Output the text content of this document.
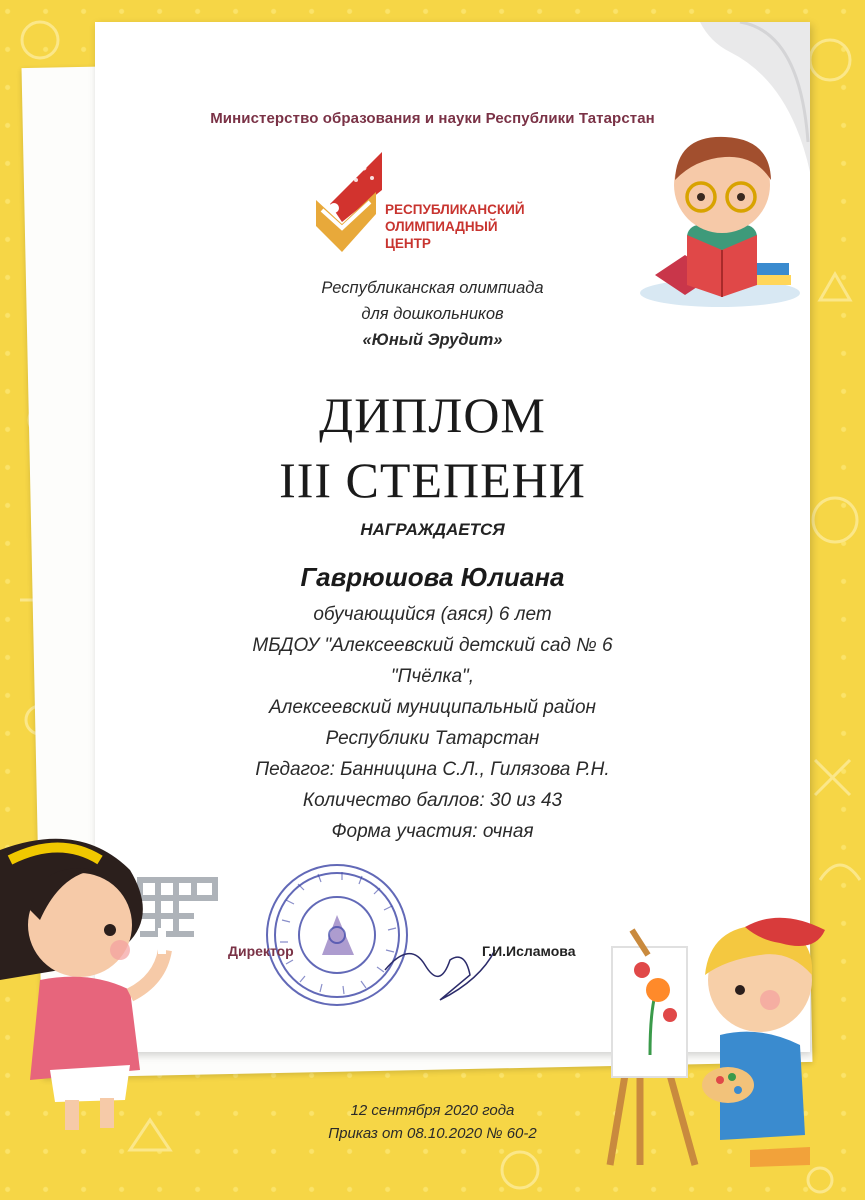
Министерство образования и науки Республики Татарстан
РЕСПУБЛИКАНСКИЙ
ОЛИМПИАДНЫЙ
ЦЕНТР
Республиканская олимпиада
для дошкольников
«Юный Эрудит»
ДИПЛОМ
III СТЕПЕНИ
НАГРАЖДАЕТСЯ
Гаврюшова Юлиана
обучающийся (аяся) 6 лет
МБДОУ "Алексеевский детский сад № 6
"Пчёлка",
Алексеевский муниципальный район
Республики Татарстан
Педагог: Банницина С.Л., Гилязова Р.Н.
Количество баллов: 30 из 43
Форма участия: очная
Директор	Г.И.Исламова
12 сентября 2020 года
Приказ от 08.10.2020 № 60-2
